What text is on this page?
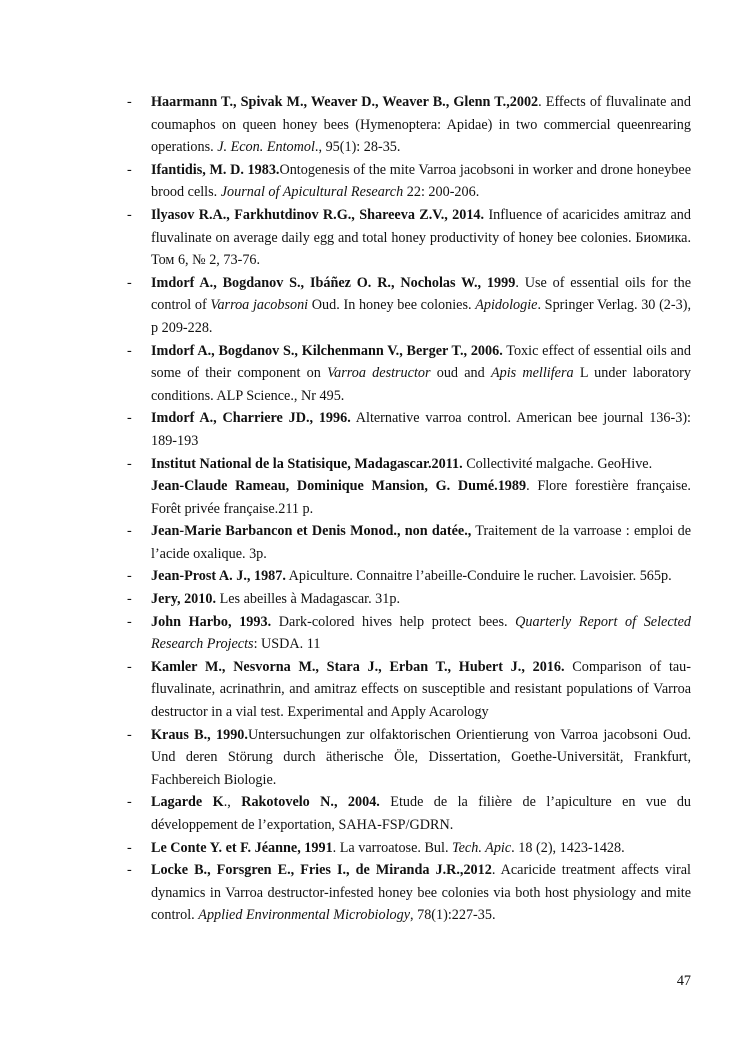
- Haarmann T., Spivak M., Weaver D., Weaver B., Glenn T.,2002. Effects of fluvalinate and coumaphos on queen honey bees (Hymenoptera: Apidae) in two commercial queenrearing operations. J. Econ. Entomol., 95(1): 28-35.
- Ifantidis, M. D. 1983.Ontogenesis of the mite Varroa jacobsoni in worker and drone honeybee brood cells. Journal of Apicultural Research 22: 200-206.
- Ilyasov R.A., Farkhutdinov R.G., Shareeva Z.V., 2014. Influence of acaricides amitraz and fluvalinate on average daily egg and total honey productivity of honey bee colonies. Биомика. Том 6, № 2, 73-76.
- Imdorf A., Bogdanov S., Ibáñez O. R., Nocholas W., 1999. Use of essential oils for the control of Varroa jacobsoni Oud. In honey bee colonies. Apidologie. Springer Verlag. 30 (2-3), p 209-228.
- Imdorf A., Bogdanov S., Kilchenmann V., Berger T., 2006. Toxic effect of essential oils and some of their component on Varroa destructor oud and Apis mellifera L under laboratory conditions. ALP Science., Nr 495.
- Imdorf A., Charriere JD., 1996. Alternative varroa control. American bee journal 136-3): 189-193
- Institut National de la Statisique, Madagascar.2011. Collectivité malgache. GeoHive.
Jean-Claude Rameau, Dominique Mansion, G. Dumé.1989. Flore forestière française. Forêt privée française.211 p.
- Jean-Marie Barbancon et Denis Monod., non datée., Traitement de la varroase : emploi de l’acide oxalique. 3p.
- Jean-Prost A. J., 1987. Apiculture. Connaitre l’abeille-Conduire le rucher. Lavoisier. 565p.
- Jery, 2010. Les abeilles à Madagascar. 31p.
- John Harbo, 1993. Dark-colored hives help protect bees. Quarterly Report of Selected Research Projects: USDA. 11
- Kamler M., Nesvorna M., Stara J., Erban T., Hubert J., 2016. Comparison of tau-fluvalinate, acrinathrin, and amitraz effects on susceptible and resistant populations of Varroa destructor in a vial test. Experimental and Apply Acarology
- Kraus B., 1990.Untersuchungen zur olfaktorischen Orientierung von Varroa jacobsoni Oud. Und deren Störung durch ätherische Öle, Dissertation, Goethe-Universität, Frankfurt, Fachbereich Biologie.
- Lagarde K., Rakotovelo N., 2004. Etude de la filière de l’apiculture en vue du développement de l’exportation, SAHA-FSP/GDRN.
- Le Conte Y. et F. Jéanne, 1991. La varroatose. Bul. Tech. Apic. 18 (2), 1423-1428.
- Locke B., Forsgren E., Fries I., de Miranda J.R.,2012. Acaricide treatment affects viral dynamics in Varroa destructor-infested honey bee colonies via both host physiology and mite control. Applied Environmental Microbiology, 78(1):227-35.
47
